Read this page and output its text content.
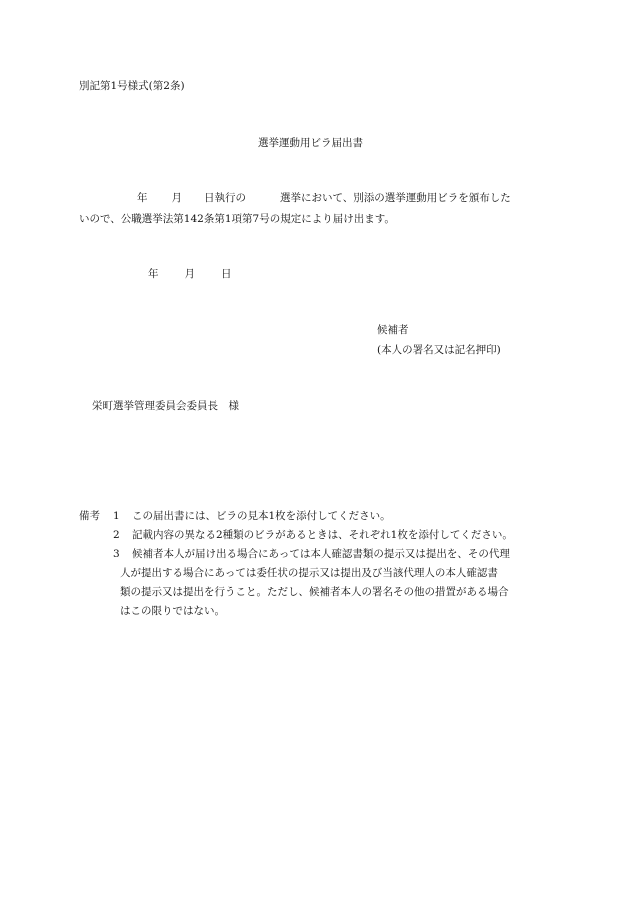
別記第1号様式(第2条)
選挙運動用ビラ届出書
年 月 日執行の	選挙において、別添の選挙運動用ビラを頒布した
いので、公職選挙法第142条第1項第7号の規定により届け出ます。
年 月 日
候補者
(本人の署名又は記名押印)
栄町選挙管理委員会委員長　様
備考 1 この届出書には、ビラの見本1枚を添付してください。
2 記載内容の異なる2種類のビラがあるときは、それぞれ1枚を添付してください。
3 候補者本人が届け出る場合にあっては本人確認書類の提示又は提出を、その代理
人が提出する場合にあっては委任状の提示又は提出及び当該代理人の本人確認書
類の提示又は提出を行うこと。ただし、候補者本人の署名その他の措置がある場合
はこの限りではない。
